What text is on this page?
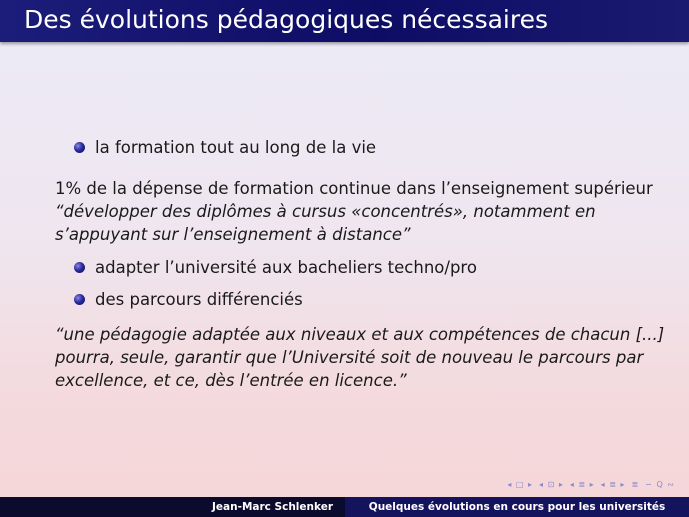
Des évolutions pédagogiques nécessaires
la formation tout au long de la vie
1% de la dépense de formation continue dans l’enseignement supérieur
“développer des diplômes à cursus «concentrés», notamment en
s’appuyant sur l’enseignement à distance”
adapter l’université aux bacheliers techno/pro
des parcours différenciés
“une pédagogie adaptée aux niveaux et aux compétences de chacun [...]
pourra, seule, garantir que l’Université soit de nouveau le parcours par
excellence, et ce, dès l’entrée en licence.”
◂ □ ▸ ◂ ⊡ ▸ ◂ ≣ ▸ ◂ ≣ ▸ ≣ ∽ Q ∾
Jean-Marc Schlenker	Quelques évolutions en cours pour les universités
